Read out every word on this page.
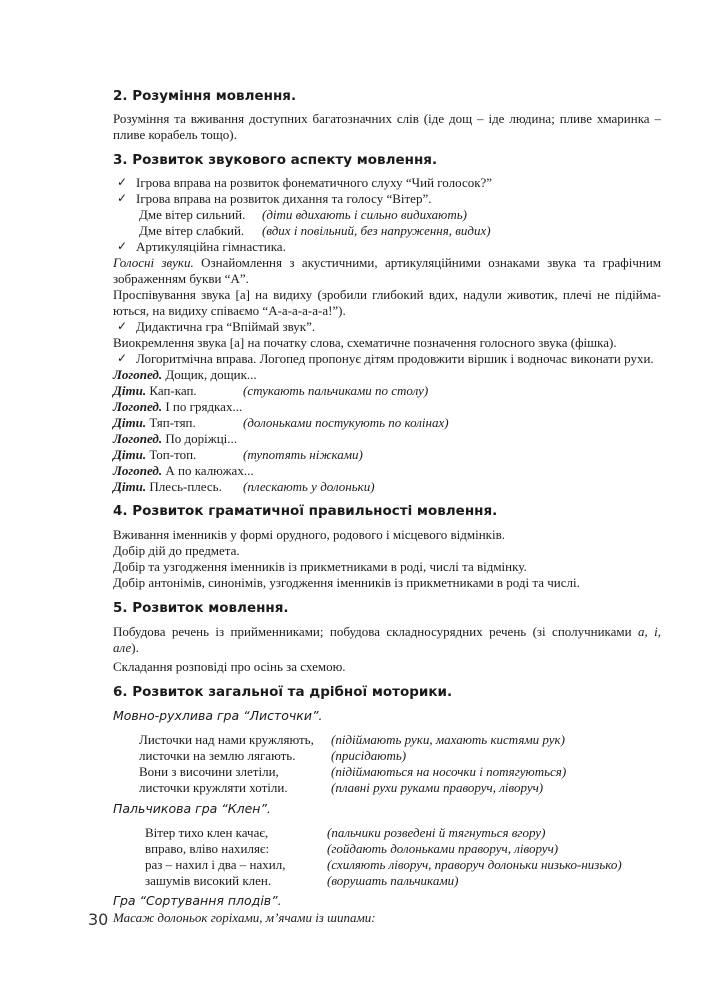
2. Розуміння мовлення.
Розуміння та вживання доступних багатозначних слів (іде дощ – іде людина; пливе хмаринка –
пливе корабель тощо).
3. Розвиток звукового аспекту мовлення.
✓ Ігрова вправа на розвиток фонематичного слуху “Чий голосок?”
✓ Ігрова вправа на розвиток дихання та голосу “Вітер”.
Дме вітер сильний. (діти вдихають і сильно видихають)
Дме вітер слабкий. (вдих і повільний, без напруження, видих)
✓ Артикуляційна гімнастика.
Голосні звуки. Ознайомлення з акустичними, артикуляційними ознаками звука та графічним
зображенням букви “А”.
Проспівування звука [а] на видиху (зробили глибокий вдих, надули животик, плечі не підійма-
ються, на видиху співаємо “А-а-а-а-а-а!”).
✓ Дидактична гра “Впіймай звук”.
Виокремлення звука [а] на початку слова, схематичне позначення голосного звука (фішка).
✓ Логоритмічна вправа. Логопед пропонує дітям продовжити віршик і водночас виконати рухи.
Логопед. Дощик, дощик...
Діти. Кап-кап.	(стукають пальчиками по столу)
Логопед. І по грядках...
Діти. Тяп-тяп.	(долоньками постукують по колінах)
Логопед. По доріжці...
Діти. Топ-топ.	(тупотять ніжками)
Логопед. А по калюжах...
Діти. Плесь-плесь. (плескають у долоньки)
4. Розвиток граматичної правильності мовлення.
Вживання іменників у формі орудного, родового і місцевого відмінків.
Добір дій до предмета.
Добір та узгодження іменників із прикметниками в роді, числі та відмінку.
Добір антонімів, синонімів, узгодження іменників із прикметниками в роді та числі.
5. Розвиток мовлення.
Побудова речень із прийменниками; побудова складносурядних речень (зі сполучниками а, і,
але).
Складання розповіді про осінь за схемою.
6. Розвиток загальної та дрібної моторики.
Мовно-рухлива гра “Листочки”.
Листочки над нами кружляють, (підіймають руки, махають кистями рук)
листочки на землю лягають.	(присідають)
Вони з височини злетіли,	(підіймаються на носочки і потягуються)
листочки кружляти хотіли.	(плавні рухи руками праворуч, ліворуч)
Пальчикова гра “Клен”.
Вітер тихо клен качає,	(пальчики розведені й тягнуться вгору)
вправо, вліво нахиляє:	(гойдають долоньками праворуч, ліворуч)
раз – нахил і два – нахил,	(схиляють ліворуч, праворуч долоньки низько-низько)
зашумів високий клен.	(ворушать пальчиками)
Гра “Сортування плодів”.
Масаж долоньок горіхами, м’ячами із шипами:
30
